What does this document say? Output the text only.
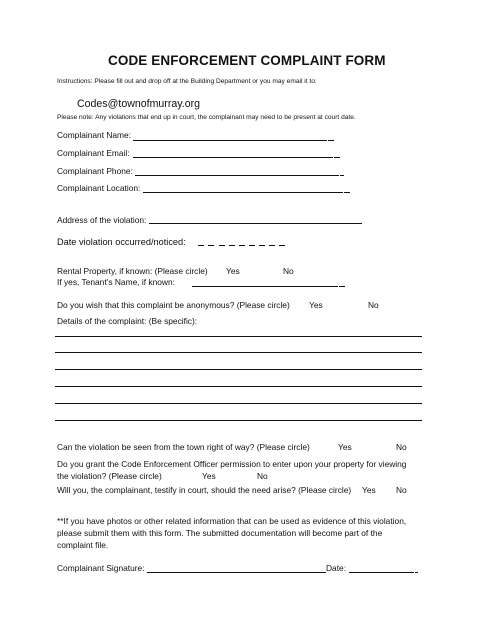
CODE ENFORCEMENT COMPLAINT FORM
Instructions: Please fill out and drop off at the Building Department or you may email it to:
Codes@townofmurray.org
Please note: Any violations that end up in court, the complainant may need to be present at court date.
Complainant Name:
Complainant Email:
Complainant Phone:
Complainant Location:
Address of the violation:
Date violation occurred/noticed:
Rental Property, if known: (Please circle) Yes	No
If yes, Tenant’s Name, if known:
Do you wish that this complaint be anonymous? (Please circle) Yes	No
Details of the complaint: (Be specific):
Can the violation be seen from the town right of way? (Please circle)	Yes	No
Do you grant the Code Enforcement Officer permission to enter upon your property for viewing
the violation? (Please circle)	Yes	No
Will you, the complainant, testify in court, should the need arise? (Please circle) Yes No
**If you have photos or other related information that can be used as evidence of this violation,
please submit them with this form. The submitted documentation will become part of the
complaint file.
Complainant Signature:	Date:
